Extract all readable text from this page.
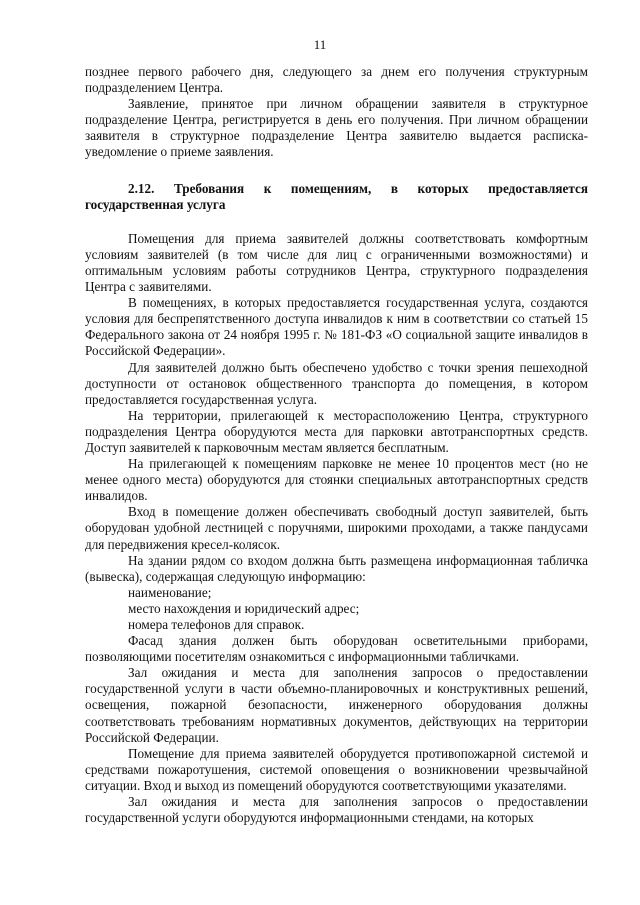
11

позднее первого рабочего дня, следующего за днем его получения структурным подразделением Центра.

Заявление, принятое при личном обращении заявителя в структурное подразделение Центра, регистрируется в день его получения. При личном обращении заявителя в структурное подразделение Центра заявителю выдается расписка-уведомление о приеме заявления.

2.12. Требования к помещениям, в которых предоставляется государственная услуга

Помещения для приема заявителей должны соответствовать комфортным условиям заявителей (в том числе для лиц с ограниченными возможностями) и оптимальным условиям работы сотрудников Центра, структурного подразделения Центра с заявителями.

В помещениях, в которых предоставляется государственная услуга, создаются условия для беспрепятственного доступа инвалидов к ним в соответствии со статьей 15 Федерального закона от 24 ноября 1995 г. № 181-ФЗ «О социальной защите инвалидов в Российской Федерации».

Для заявителей должно быть обеспечено удобство с точки зрения пешеходной доступности от остановок общественного транспорта до помещения, в котором предоставляется государственная услуга.

На территории, прилегающей к месторасположению Центра, структурного подразделения Центра оборудуются места для парковки автотранспортных средств. Доступ заявителей к парковочным местам является бесплатным.

На прилегающей к помещениям парковке не менее 10 процентов мест (но не менее одного места) оборудуются для стоянки специальных автотранспортных средств инвалидов.

Вход в помещение должен обеспечивать свободный доступ заявителей, быть оборудован удобной лестницей с поручнями, широкими проходами, а также пандусами для передвижения кресел-колясок.

На здании рядом со входом должна быть размещена информационная табличка (вывеска), содержащая следующую информацию:

наименование;

место нахождения и юридический адрес;

номера телефонов для справок.

Фасад здания должен быть оборудован осветительными приборами, позволяющими посетителям ознакомиться с информационными табличками.

Зал ожидания и места для заполнения запросов о предоставлении государственной услуги в части объемно-планировочных и конструктивных решений, освещения, пожарной безопасности, инженерного оборудования должны соответствовать требованиям нормативных документов, действующих на территории Российской Федерации.

Помещение для приема заявителей оборудуется противопожарной системой и средствами пожаротушения, системой оповещения о возникновении чрезвычайной ситуации. Вход и выход из помещений оборудуются соответствующими указателями.

Зал ожидания и места для заполнения запросов о предоставлении государственной услуги оборудуются информационными стендами, на которых
